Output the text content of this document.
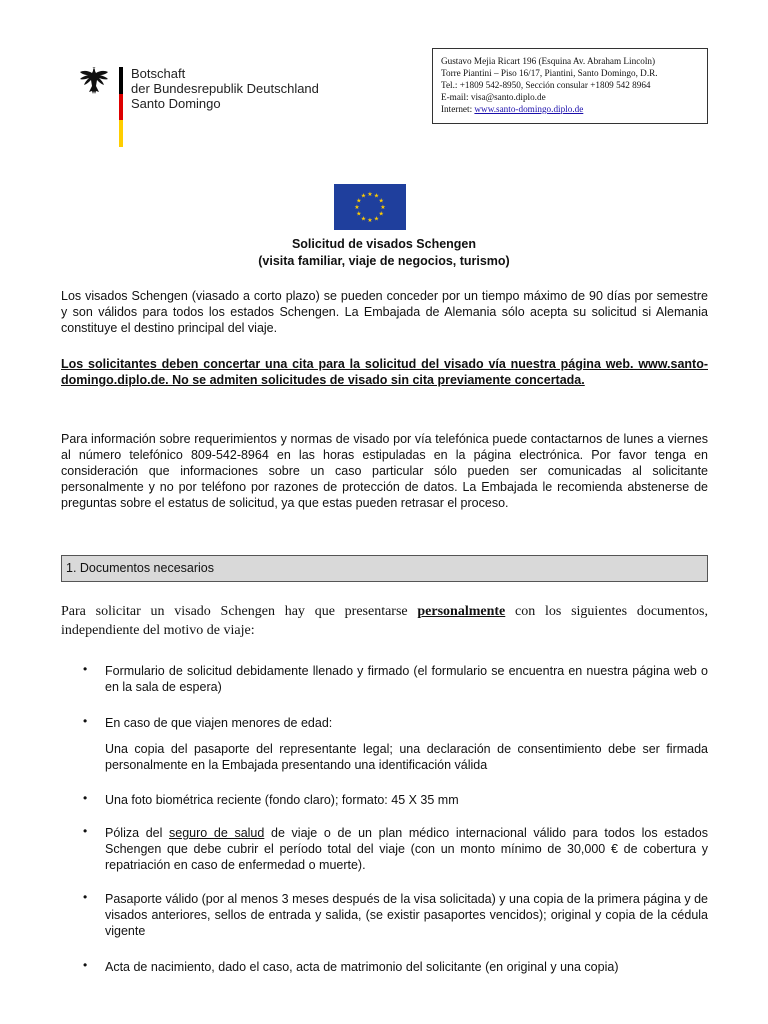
Botschaft
der Bundesrepublik Deutschland
Santo Domingo
Gustavo Mejia Ricart 196 (Esquina Av. Abraham Lincoln)
Torre Piantini – Piso 16/17, Piantini, Santo Domingo, D.R.
Tel.: +1809 542-8950, Sección consular +1809 542 8964
E-mail: visa@santo.diplo.de
Internet: www.santo-domingo.diplo.de
★ ★
★
★
★
★
★
★
★
★
★
★
Solicitud de visados Schengen
(visita familiar, viaje de negocios, turismo)
Los visados Schengen (viasado a corto plazo) se pueden conceder por un tiempo máximo de 90 días por semestre y son válidos para todos los estados Schengen. La Embajada de Alemania sólo acepta su solicitud si Alemania constituye el destino principal del viaje.
Los solicitantes deben concertar una cita para la solicitud del visado vía nuestra página web. www.santo-domingo.diplo.de. No se admiten solicitudes de visado sin cita previamente concertada.
Para información sobre requerimientos y normas de visado por vía telefónica puede contactarnos de lunes a viernes al número telefónico 809-542-8964 en las horas estipuladas en la página electrónica. Por favor tenga en consideración que informaciones sobre un caso particular sólo pueden ser comunicadas al solicitante personalmente y no por teléfono por razones de protección de datos. La Embajada le recomienda abstenerse de preguntas sobre el estatus de solicitud, ya que estas pueden retrasar el proceso.
1. Documentos necesarios
Para solicitar un visado Schengen hay que presentarse personalmente con los siguientes documentos, independiente del motivo de viaje:
•	Formulario de solicitud debidamente llenado y firmado (el formulario se encuentra en nuestra página web o en la sala de espera)
•	En caso de que viajen menores de edad:
Una copia del pasaporte del representante legal; una declaración de consentimiento debe ser firmada personalmente en la Embajada presentando una identificación válida
•	Una foto biométrica reciente (fondo claro); formato: 45 X 35 mm
•	Póliza del seguro de salud de viaje o de un plan médico internacional válido para todos los estados Schengen que debe cubrir el período total del viaje (con un monto mínimo de 30,000 € de cobertura y repatriación en caso de enfermedad o muerte).
•	Pasaporte válido (por al menos 3 meses después de la visa solicitada) y una copia de la primera página y de visados anteriores, sellos de entrada y salida, (se existir pasaportes vencidos); original y copia de la cédula vigente
•	Acta de nacimiento, dado el caso, acta de matrimonio del solicitante (en original y una copia)
